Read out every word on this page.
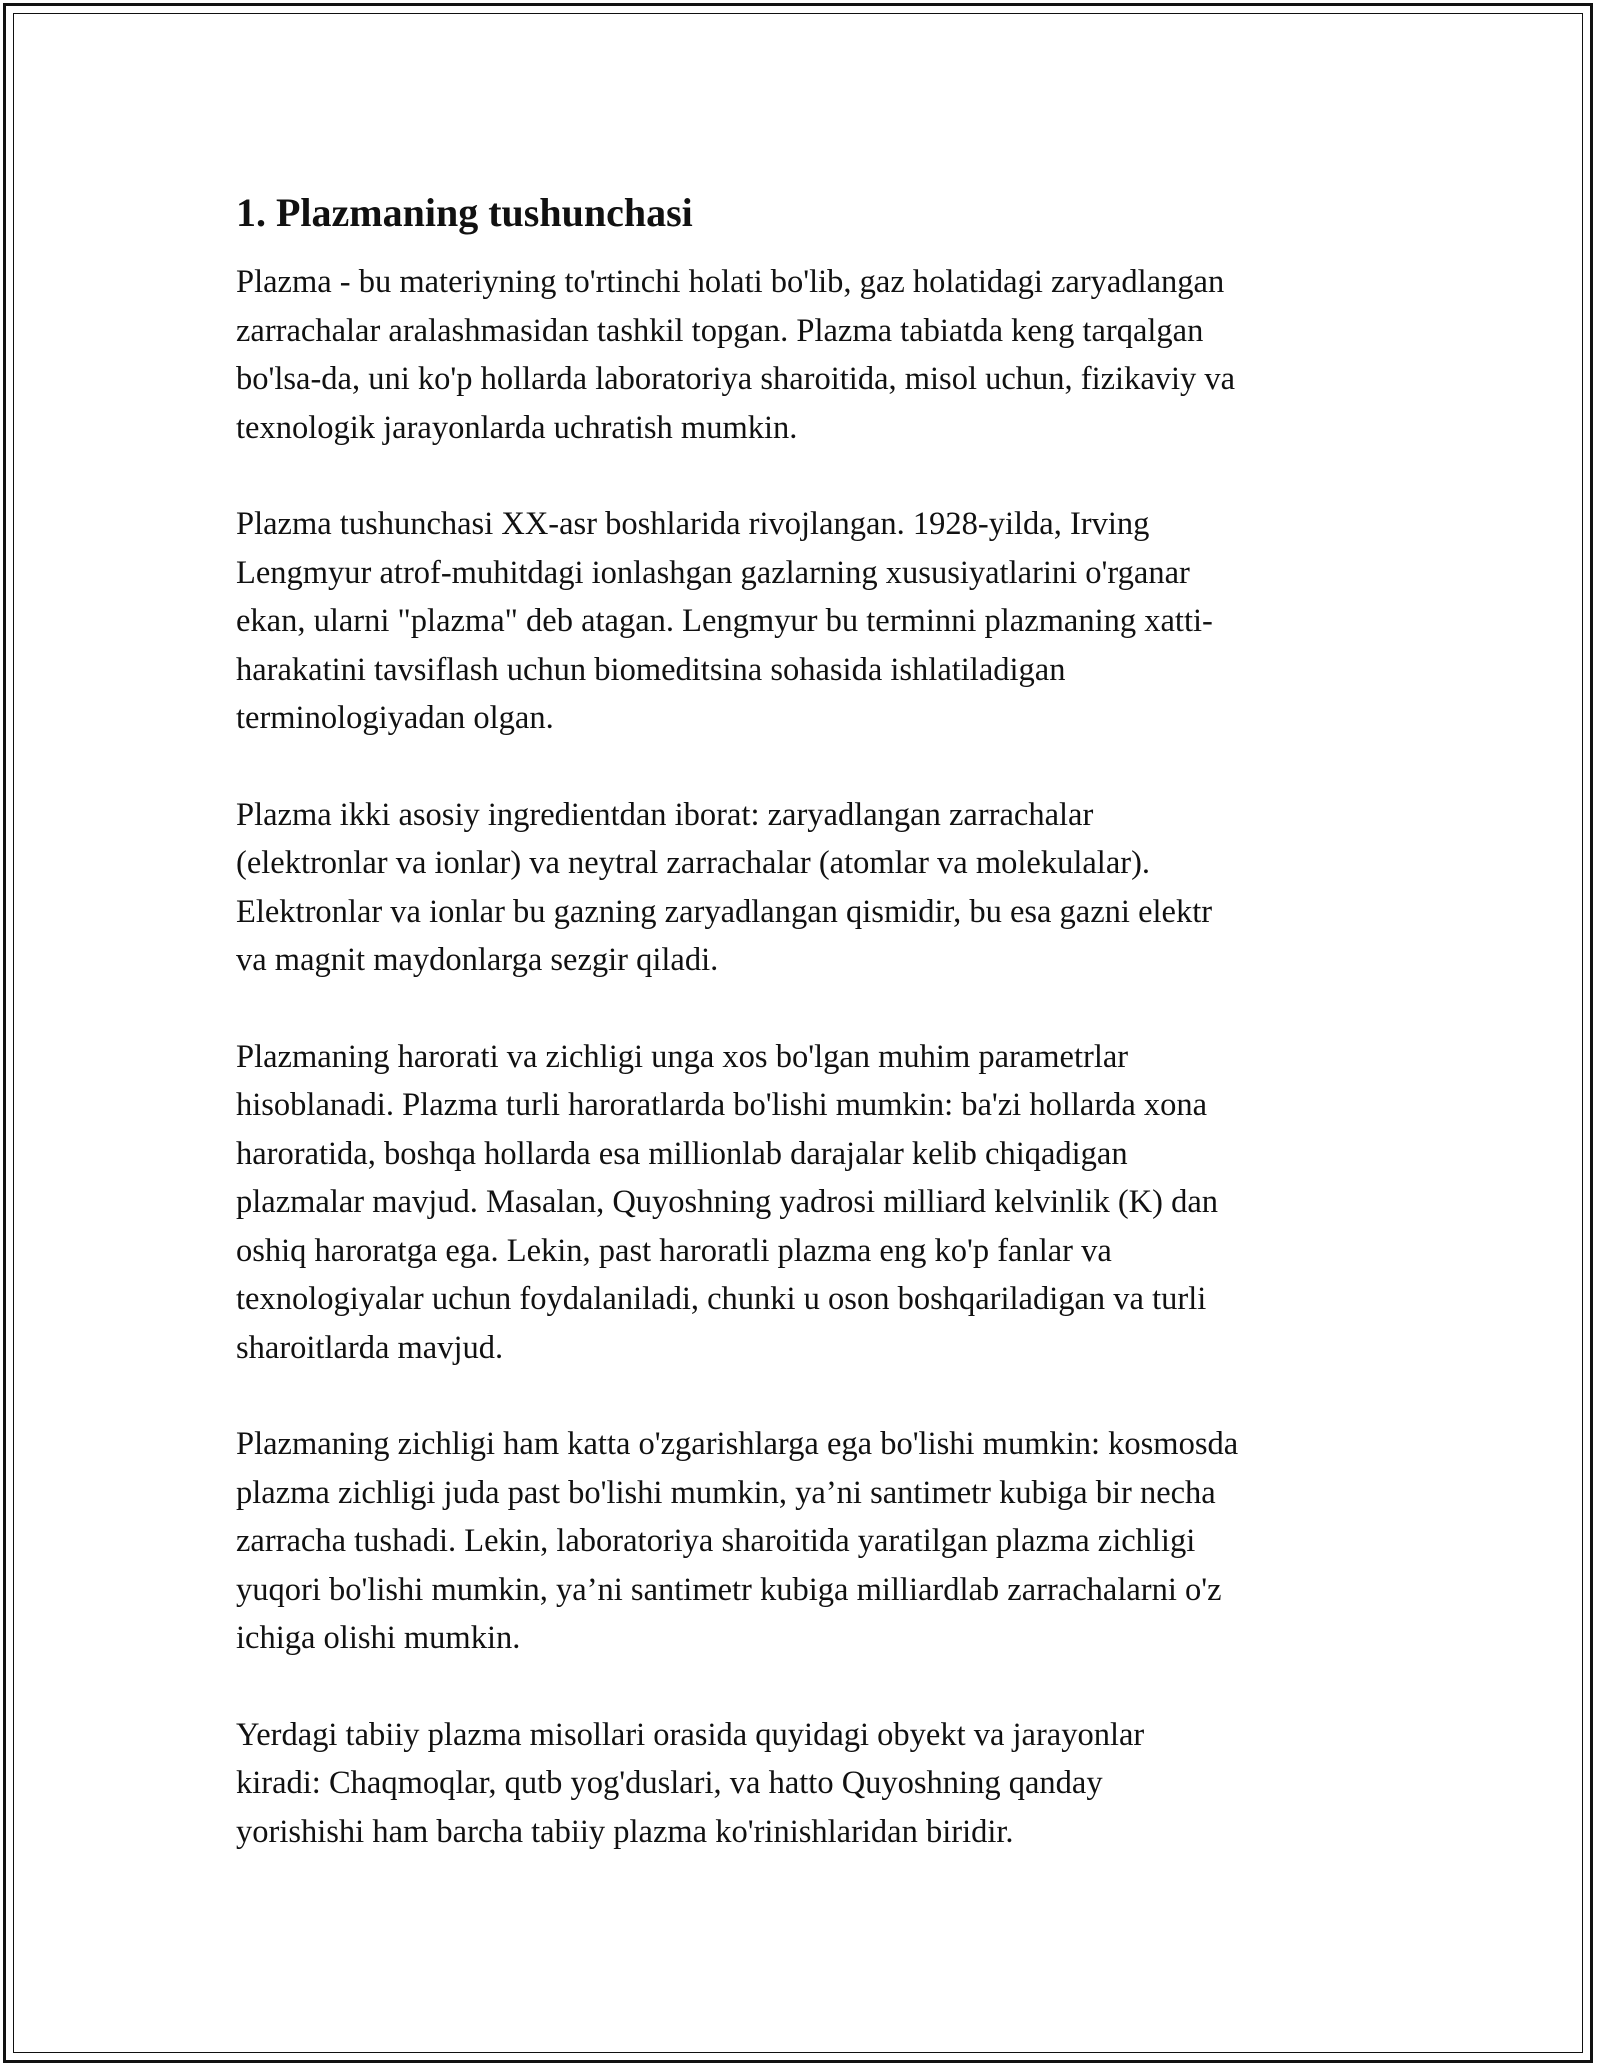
1. Plazmaning tushunchasi

Plazma - bu materiyning to'rtinchi holati bo'lib, gaz holatidagi zaryadlangan
zarrachalar aralashmasidan tashkil topgan. Plazma tabiatda keng tarqalgan
bo'lsa-da, uni ko'p hollarda laboratoriya sharoitida, misol uchun, fizikaviy va
texnologik jarayonlarda uchratish mumkin.

Plazma tushunchasi XX-asr boshlarida rivojlangan. 1928-yilda, Irving
Lengmyur atrof-muhitdagi ionlashgan gazlarning xususiyatlarini o'rganar
ekan, ularni "plazma" deb atagan. Lengmyur bu terminni plazmaning xatti-
harakatini tavsiflash uchun biomeditsina sohasida ishlatiladigan
terminologiyadan olgan.

Plazma ikki asosiy ingredientdan iborat: zaryadlangan zarrachalar
(elektronlar va ionlar) va neytral zarrachalar (atomlar va molekulalar).
Elektronlar va ionlar bu gazning zaryadlangan qismidir, bu esa gazni elektr
va magnit maydonlarga sezgir qiladi.

Plazmaning harorati va zichligi unga xos bo'lgan muhim parametrlar
hisoblanadi. Plazma turli haroratlarda bo'lishi mumkin: ba'zi hollarda xona
haroratida, boshqa hollarda esa millionlab darajalar kelib chiqadigan
plazmalar mavjud. Masalan, Quyoshning yadrosi milliard kelvinlik (K) dan
oshiq haroratga ega. Lekin, past haroratli plazma eng ko'p fanlar va
texnologiyalar uchun foydalaniladi, chunki u oson boshqariladigan va turli
sharoitlarda mavjud.

Plazmaning zichligi ham katta o'zgarishlarga ega bo'lishi mumkin: kosmosda
plazma zichligi juda past bo'lishi mumkin, ya’ni santimetr kubiga bir necha
zarracha tushadi. Lekin, laboratoriya sharoitida yaratilgan plazma zichligi
yuqori bo'lishi mumkin, ya’ni santimetr kubiga milliardlab zarrachalarni o'z
ichiga olishi mumkin.

Yerdagi tabiiy plazma misollari orasida quyidagi obyekt va jarayonlar
kiradi: Chaqmoqlar, qutb yog'duslari, va hatto Quyoshning qanday
yorishishi ham barcha tabiiy plazma ko'rinishlaridan biridir.
